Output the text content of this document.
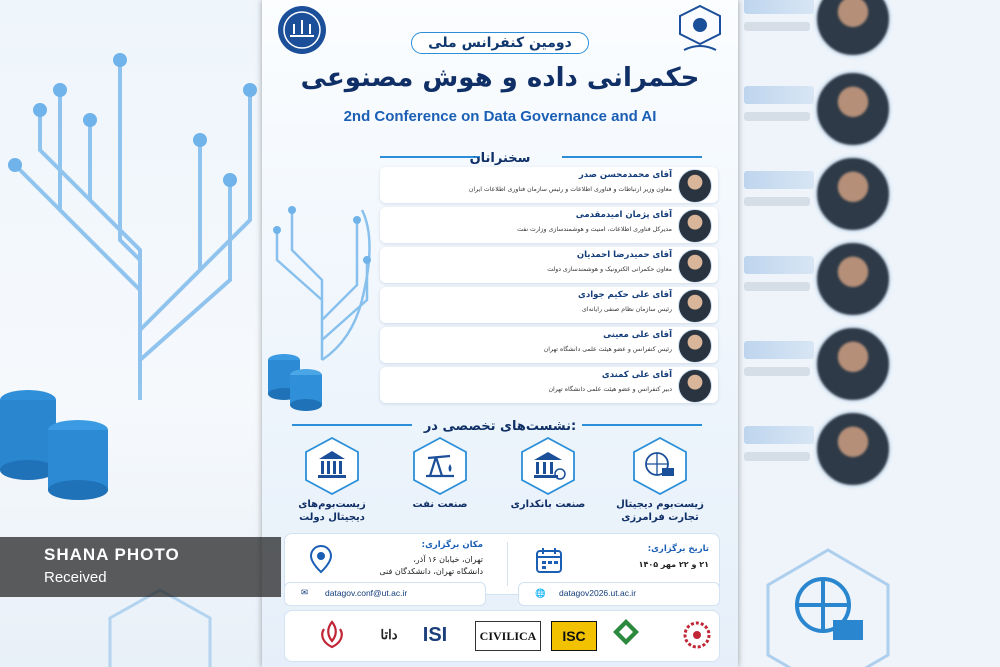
دومین کنفرانس ملی
حکمرانی داده و هوش مصنوعی
2nd Conference on Data Governance and AI
سخنرانان
آقای محمدمحسن صدر
معاون وزیر ارتباطات و فناوری اطلاعات و رئیس سازمان فناوری اطلاعات ایران
آقای پژمان امیدمقدمی
مدیرکل فناوری اطلاعات، امنیت و هوشمندسازی وزارت نفت
آقای حمیدرضا احمدیان
معاون حکمرانی الکترونیک و هوشمندسازی دولت
آقای علی حکیم جوادی
رئیس سازمان نظام صنفی رایانه‌ای
آقای علی معینی
رئیس کنفرانس و عضو هیئت علمی دانشگاه تهران
آقای علی کمندی
دبیر کنفرانس و عضو هیئت علمی دانشگاه تهران
نشست‌های تخصصی در:
زیست‌بوم دیجیتال تجارت فرامرزی
صنعت بانکداری
صنعت نفت
زیست‌بوم‌های دیجیتال دولت
تاریخ برگزاری:
۲۱ و ۲۲ مهر ۱۴۰۵
مکان برگزاری:
تهران، خیابان ۱۶ آذر،
دانشگاه تهران، دانشکدگان فنی
🌐 datagov2026.ut.ac.ir
✉ datagov.conf@ut.ac.ir
ISC
CIVILICA
ISI
داتا
SHANA PHOTO
Received
